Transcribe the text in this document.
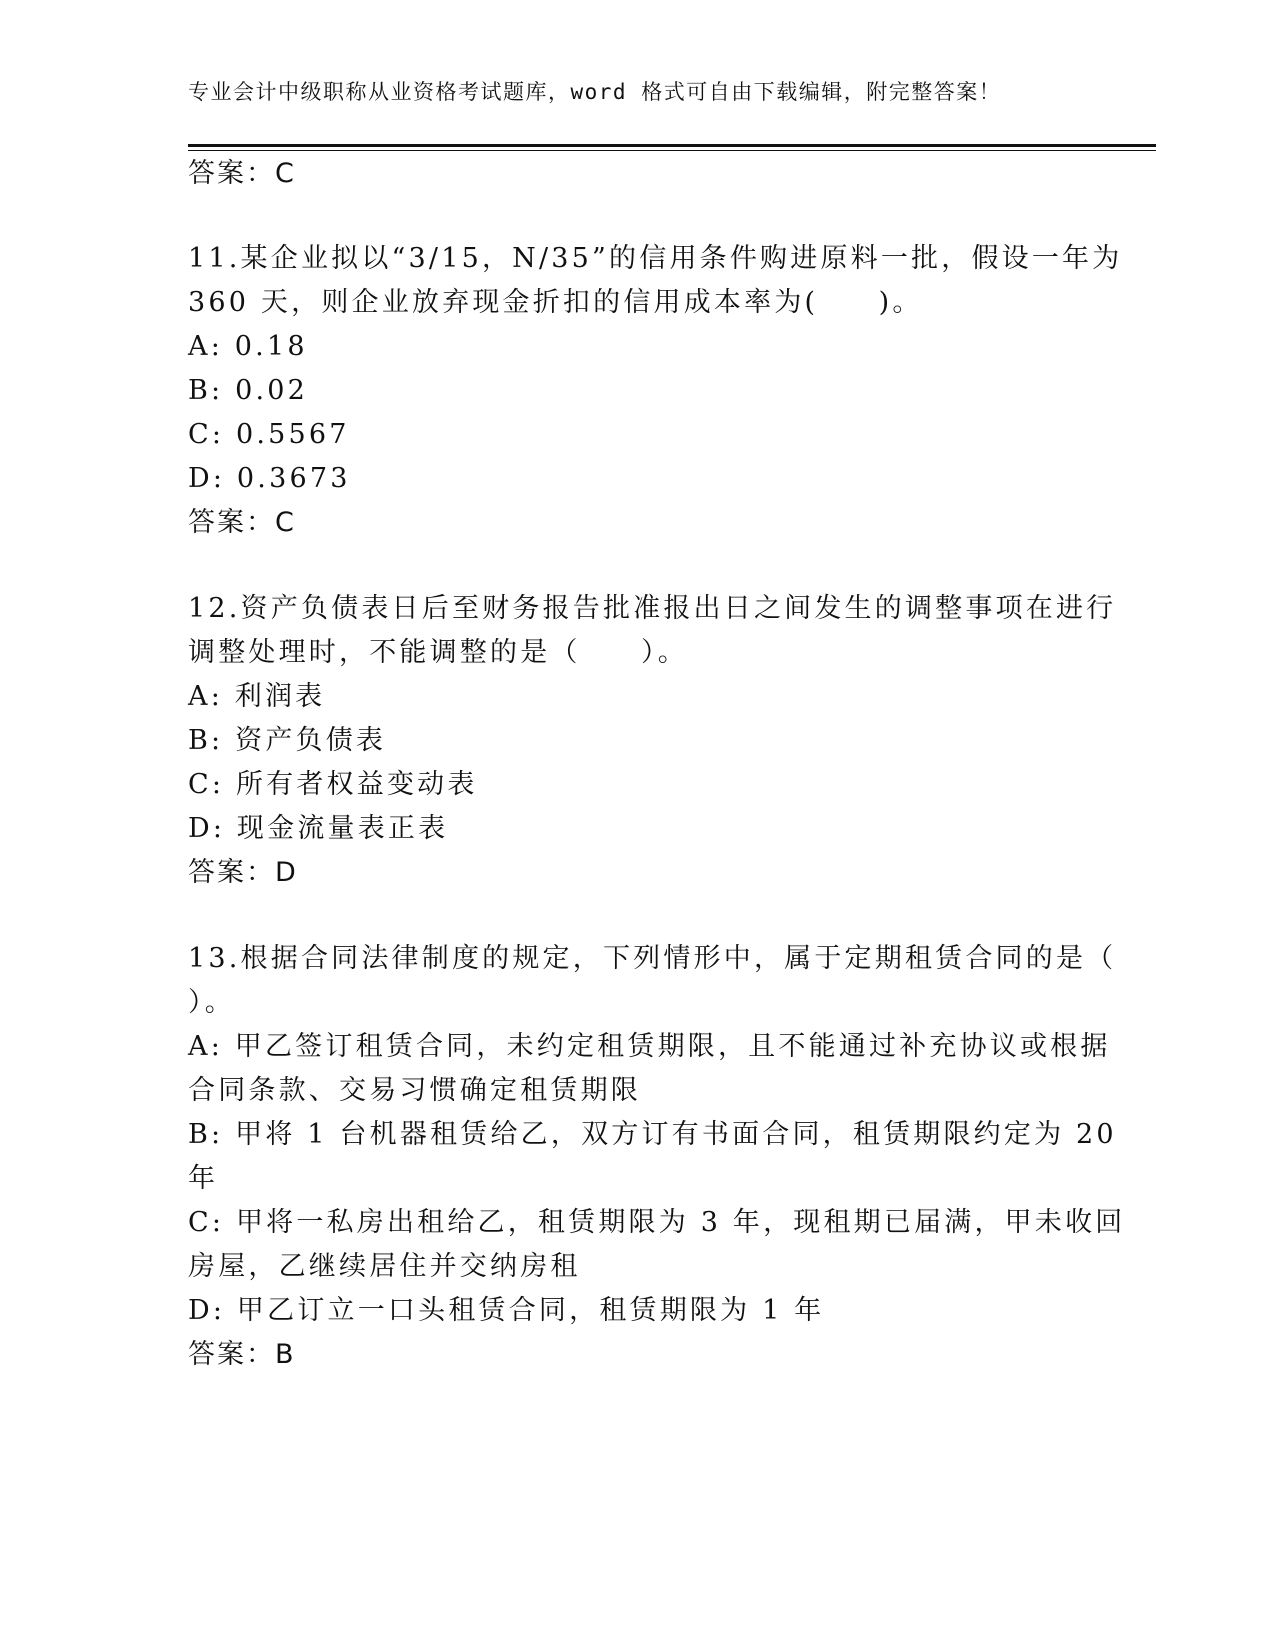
专业会计中级职称从业资格考试题库，word 格式可自由下载编辑，附完整答案！
答案：C
11.某企业拟以“3/15，N/35”的信用条件购进原料一批，假设一年为
360 天，则企业放弃现金折扣的信用成本率为(　　)。
A: 0.18
B: 0.02
C: 0.5567
D: 0.3673
答案：C
12.资产负债表日后至财务报告批准报出日之间发生的调整事项在进行
调整处理时，不能调整的是（　　）。
A: 利润表
B: 资产负债表
C: 所有者权益变动表
D: 现金流量表正表
答案：D
13.根据合同法律制度的规定，下列情形中，属于定期租赁合同的是（
）。
A: 甲乙签订租赁合同，未约定租赁期限，且不能通过补充协议或根据
合同条款、交易习惯确定租赁期限
B: 甲将 1 台机器租赁给乙，双方订有书面合同，租赁期限约定为 20
年
C: 甲将一私房出租给乙，租赁期限为 3 年，现租期已届满，甲未收回
房屋，乙继续居住并交纳房租
D: 甲乙订立一口头租赁合同，租赁期限为 1 年
答案：B
